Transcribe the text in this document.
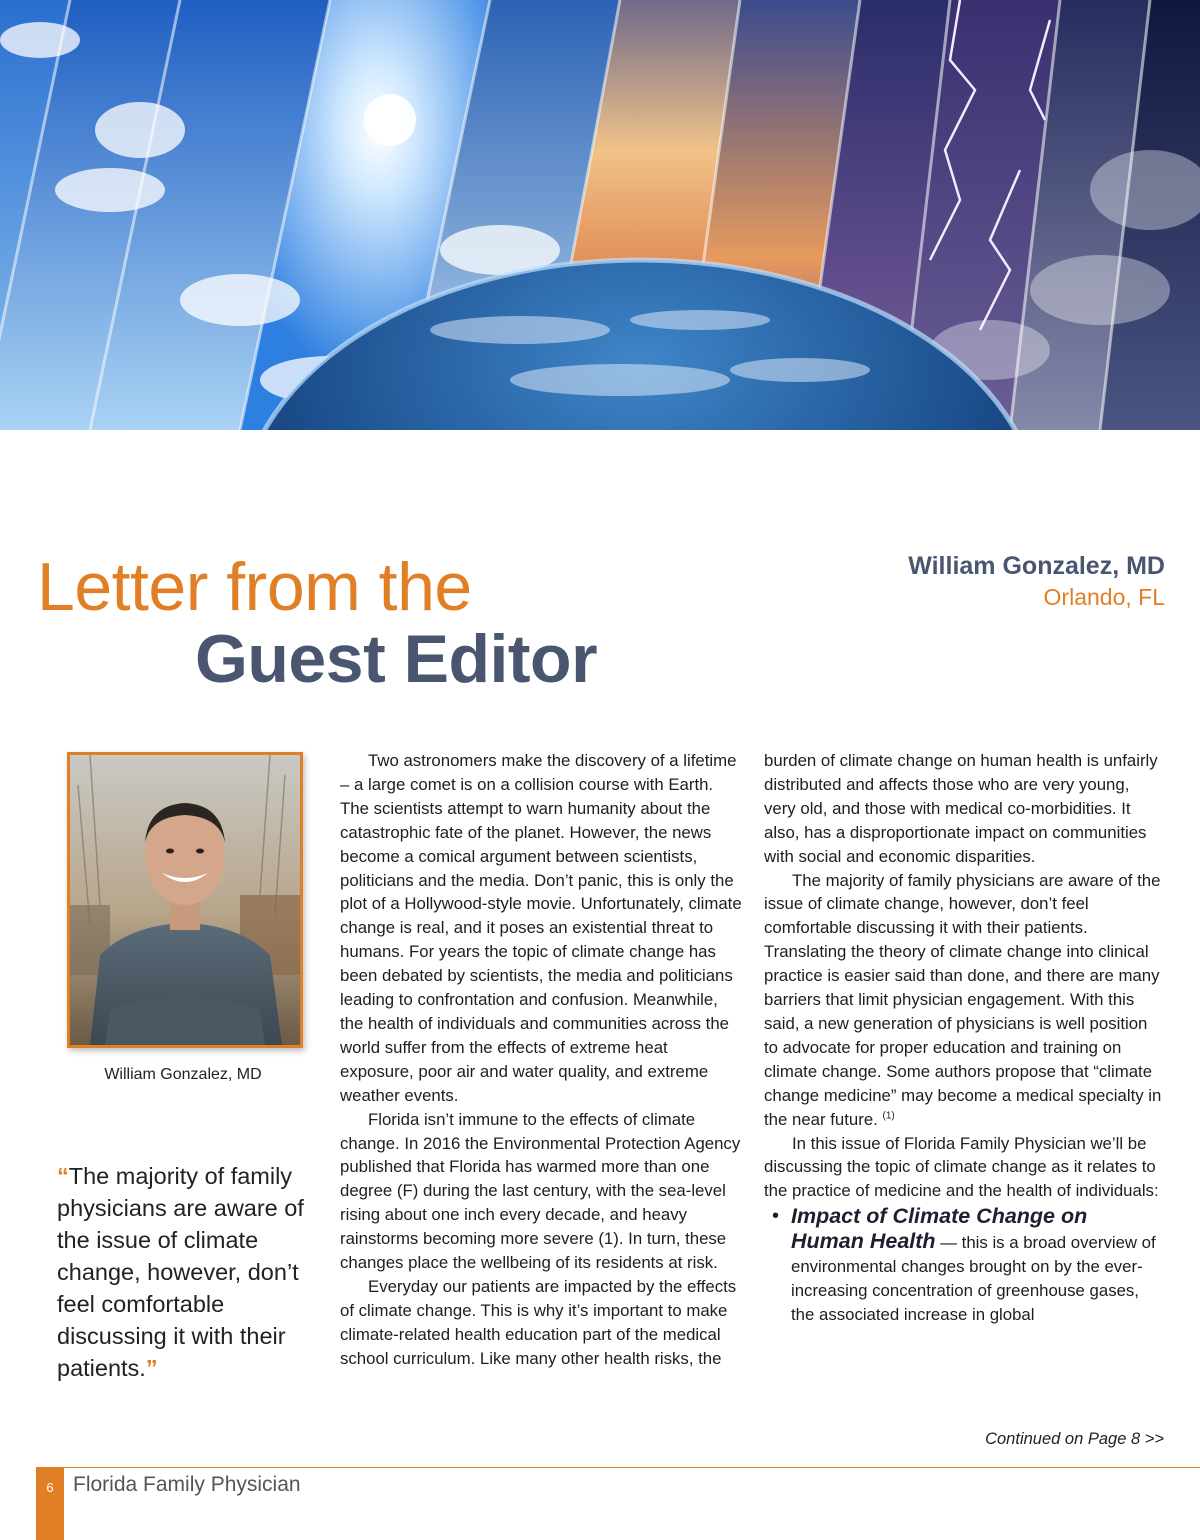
Letter from the
Guest Editor
William Gonzalez, MD
Orlando, FL
William Gonzalez, MD
“The majority of family physicians are aware of the issue of climate change, however, don’t feel comfortable discussing it with their patients.”

Two astronomers make the discovery of a lifetime – a large comet is on a collision course with Earth. The scientists attempt to warn humanity about the catastrophic fate of the planet. However, the news become a comical argument between scientists, politicians and the media. Don’t panic, this is only the plot of a Hollywood-style movie. Unfortunately, climate change is real, and it poses an existential threat to humans. For years the topic of climate change has been debated by scientists, the media and politicians leading to confrontation and confusion. Meanwhile, the health of individuals and communities across the world suffer from the effects of extreme heat exposure, poor air and water quality, and extreme weather events.

Florida isn’t immune to the effects of climate change. In 2016 the Environmental Protection Agency published that Florida has warmed more than one degree (F) during the last century, with the sea-level rising about one inch every decade, and heavy rainstorms becoming more severe (1). In turn, these changes place the wellbeing of its residents at risk.

Everyday our patients are impacted by the effects of climate change. This is why it’s important to make climate-related health education part of the medical school curriculum. Like many other health risks, the

burden of climate change on human health is unfairly distributed and affects those who are very young, very old, and those with medical co-morbidities. It also, has a disproportionate impact on communities with social and economic disparities.

The majority of family physicians are aware of the issue of climate change, however, don’t feel comfortable discussing it with their patients. Translating the theory of climate change into clinical practice is easier said than done, and there are many barriers that limit physician engagement. With this said, a new generation of physicians is well position to advocate for proper education and training on climate change. Some authors propose that “climate change medicine” may become a medical specialty in the near future. $^{(1)}$

In this issue of Florida Family Physician we’ll be discussing the topic of climate change as it relates to the practice of medicine and the health of individuals:

• Impact of Climate Change on Human Health — this is a broad overview of environmental changes brought on by the ever-increasing concentration of greenhouse gases, the associated increase in global
Continued on Page 8 >>
6 Florida Family Physician
